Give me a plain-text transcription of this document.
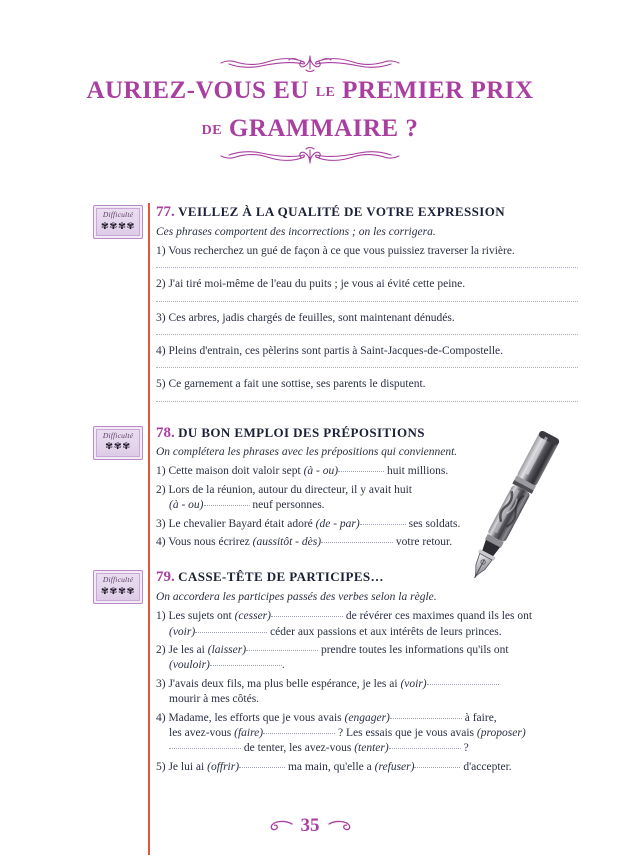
AURIEZ-VOUS EU LE PREMIER PRIX
DE GRAMMAIRE ?
Difficulté
✾✾✾✾
77. VEILLEZ À LA QUALITÉ DE VOTRE EXPRESSION

Ces phrases comportent des incorrections ; on les corrigera.

1) Vous recherchez un gué de façon à ce que vous puissiez traverser la rivière.

2) J'ai tiré moi-même de l'eau du puits ; je vous ai évité cette peine.

3) Ces arbres, jadis chargés de feuilles, sont maintenant dénudés.

4) Pleins d'entrain, ces pèlerins sont partis à Saint-Jacques-de-Compostelle.

5) Ce garnement a fait une sottise, ses parents le disputent.

Difficulté
✾✾✾
78. DU BON EMPLOI DES PRÉPOSITIONS

On complétera les phrases avec les prépositions qui conviennent.

1) Cette maison doit valoir sept (à - ou)	huit millions.

2) Lors de la réunion, autour du directeur, il y avait huit
(à - ou)	neuf personnes.

3) Le chevalier Bayard était adoré (de - par)	ses soldats.

4) Vous nous écrirez (aussitôt - dès)	votre retour.

Difficulté
✾✾✾✾
79. CASSE-TÊTE DE PARTICIPES…

On accordera les participes passés des verbes selon la règle.

1) Les sujets ont (cesser)	de révérer ces maximes quand ils les ont
(voir)	céder aux passions et aux intérêts de leurs princes.

2) Je les ai (laisser)	prendre toutes les informations qu'ils ont
(vouloir)	.

3) J'avais deux fils, ma plus belle espérance, je les ai (voir)
mourir à mes côtés.

4) Madame, les efforts que je vous avais (engager)	à faire,
les avez-vous (faire)	? Les essais que je vous avais (proposer)
de tenter, les avez-vous (tenter)	?

5) Je lui ai (offrir)	ma main, qu'elle a (refuser)	d'accepter.

35
